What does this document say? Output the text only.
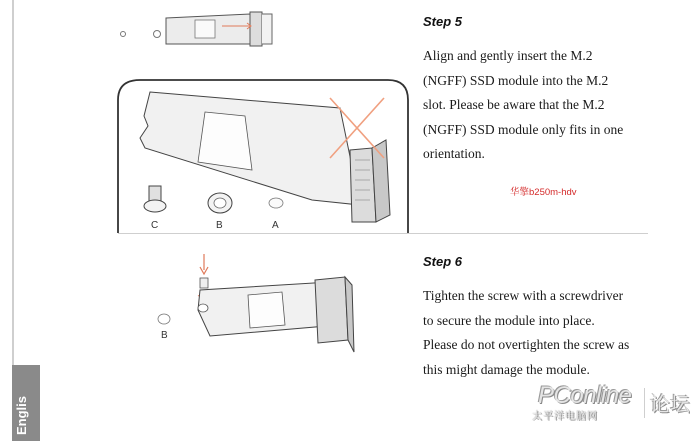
Englis
C	B	A
B
Step 5
Align and gently insert the M.2
(NGFF) SSD module into the M.2
slot. Please be aware that the M.2
(NGFF) SSD module only fits in one
orientation.
华擎b250m-hdv
Step 6
Tighten the screw with a screwdriver
to secure the module into place.
Please do not overtighten the screw as
this might damage the module.
PConline
太平洋电脑网
论坛
